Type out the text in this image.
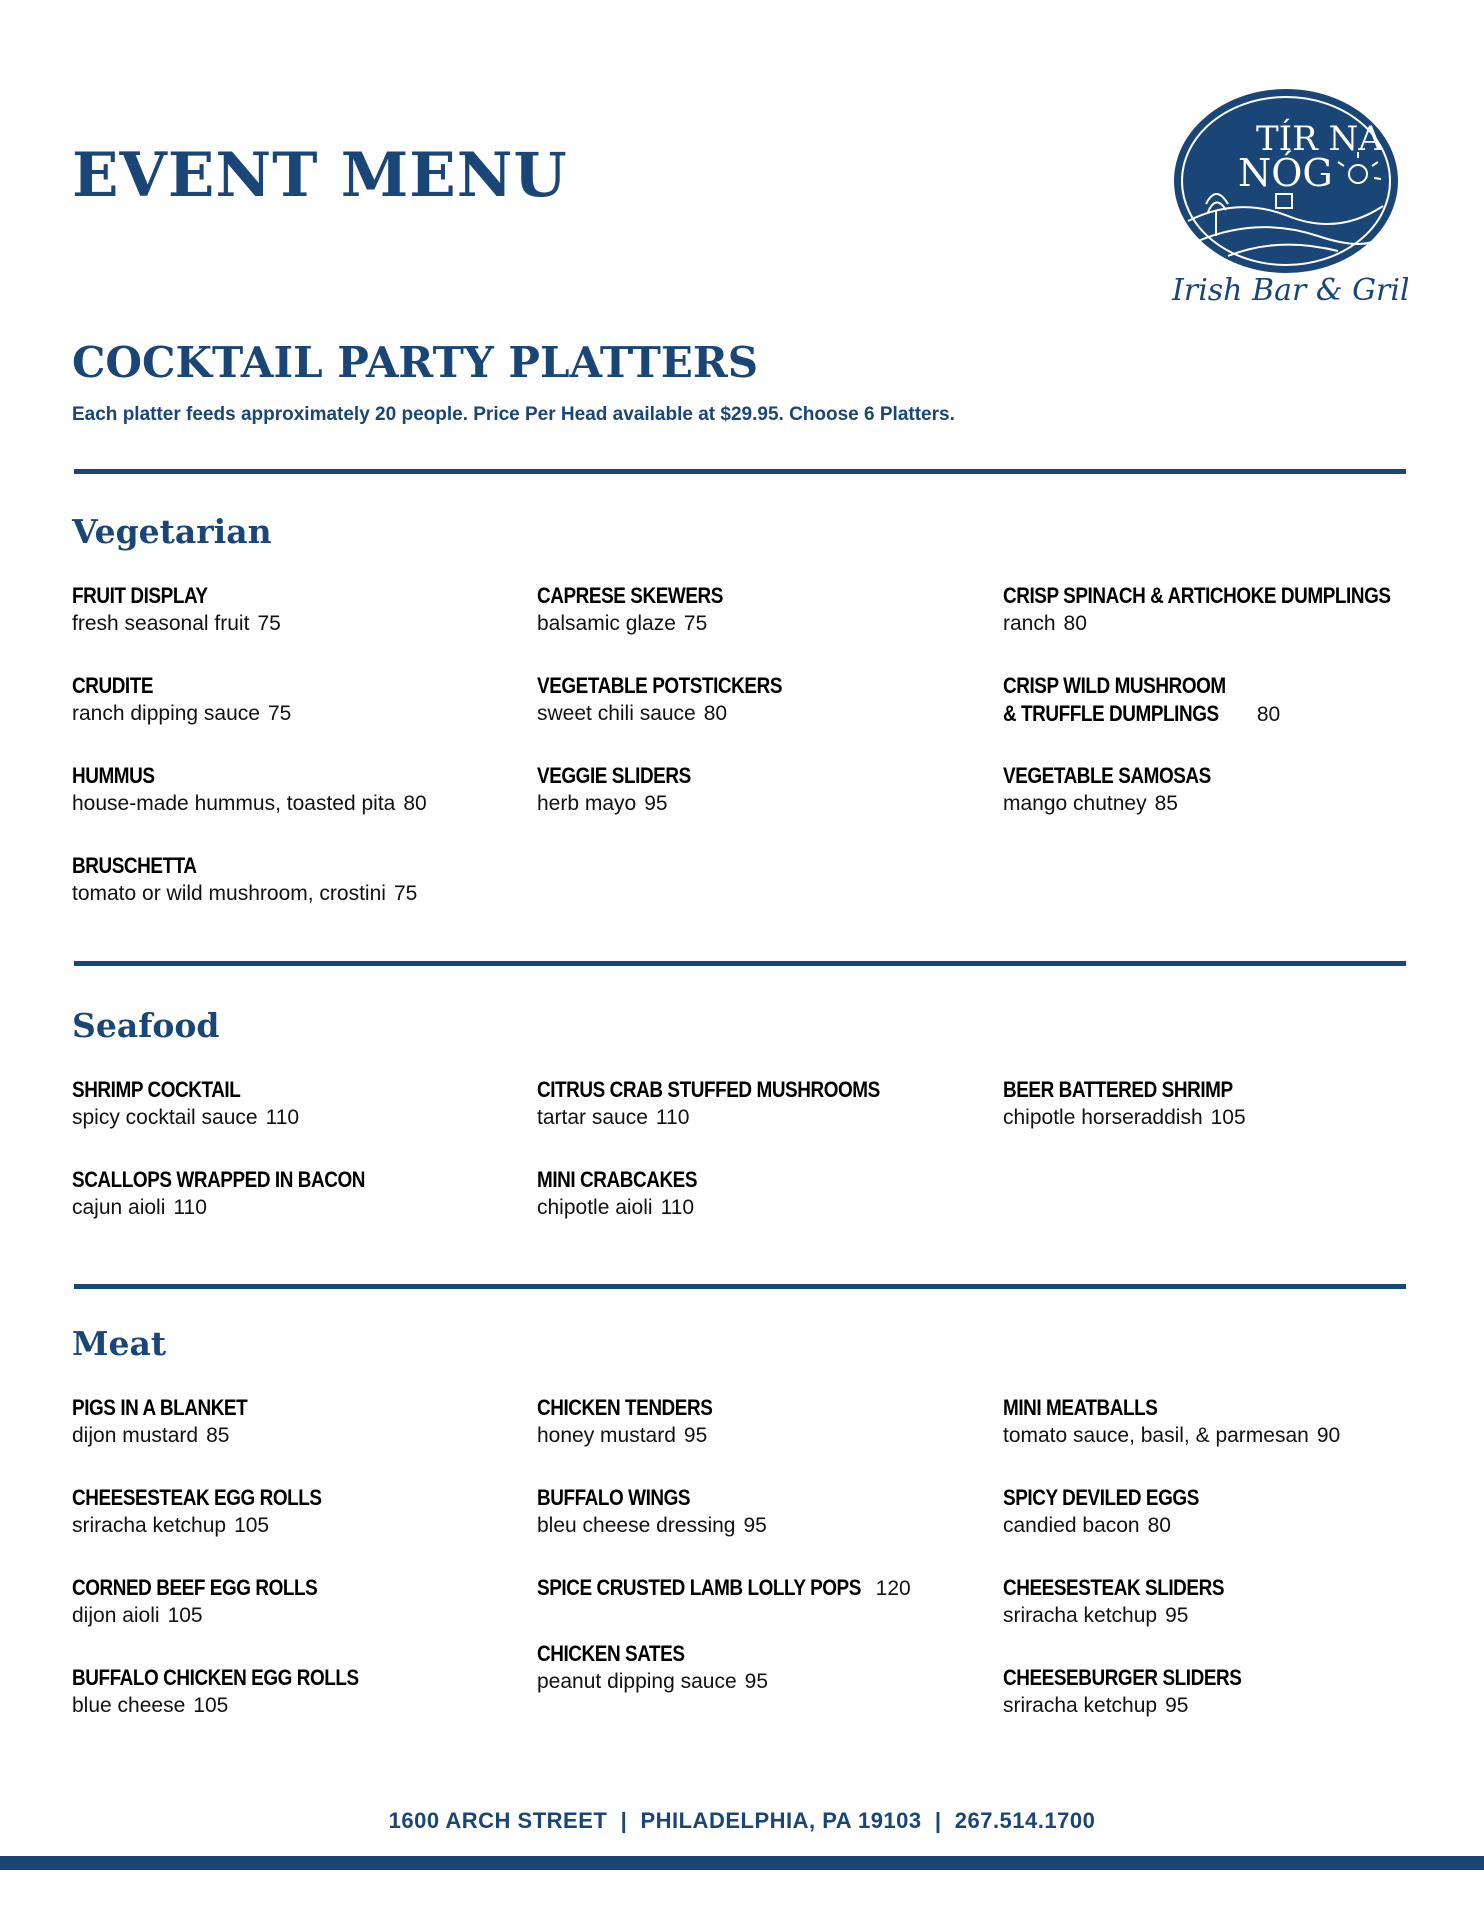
EVENT MENU
TÍR NA
NÓG
Irish Bar & Grill
COCKTAIL PARTY PLATTERS
Each platter feeds approximately 20 people. Price Per Head available at $29.95. Choose 6 Platters.
Vegetarian
FRUIT DISPLAY
fresh seasonal fruit 75
CRUDITE
ranch dipping sauce 75
HUMMUS
house-made hummus, toasted pita 80
BRUSCHETTA
tomato or wild mushroom, crostini 75
CAPRESE SKEWERS
balsamic glaze 75
VEGETABLE POTSTICKERS
sweet chili sauce 80
VEGGIE SLIDERS
herb mayo 95
CRISP SPINACH & ARTICHOKE DUMPLINGS
ranch 80
CRISP WILD MUSHROOM

& TRUFFLE DUMPLINGS 80
VEGETABLE SAMOSAS
mango chutney 85
Seafood
SHRIMP COCKTAIL
spicy cocktail sauce 110
SCALLOPS WRAPPED IN BACON
cajun aioli 110
CITRUS CRAB STUFFED MUSHROOMS
tartar sauce 110
MINI CRABCAKES
chipotle aioli 110
BEER BATTERED SHRIMP
chipotle horseraddish 105
Meat
PIGS IN A BLANKET
dijon mustard 85
CHEESESTEAK EGG ROLLS
sriracha ketchup 105
CORNED BEEF EGG ROLLS
dijon aioli 105
BUFFALO CHICKEN EGG ROLLS
blue cheese 105
CHICKEN TENDERS
honey mustard 95
BUFFALO WINGS
bleu cheese dressing 95
SPICE CRUSTED LAMB LOLLY POPS 120
CHICKEN SATES
peanut dipping sauce 95
MINI MEATBALLS
tomato sauce, basil, & parmesan 90
SPICY DEVILED EGGS
candied bacon 80
CHEESESTEAK SLIDERS
sriracha ketchup 95
CHEESEBURGER SLIDERS
sriracha ketchup 95
1600 ARCH STREET  |  PHILADELPHIA, PA 19103  |  267.514.1700
